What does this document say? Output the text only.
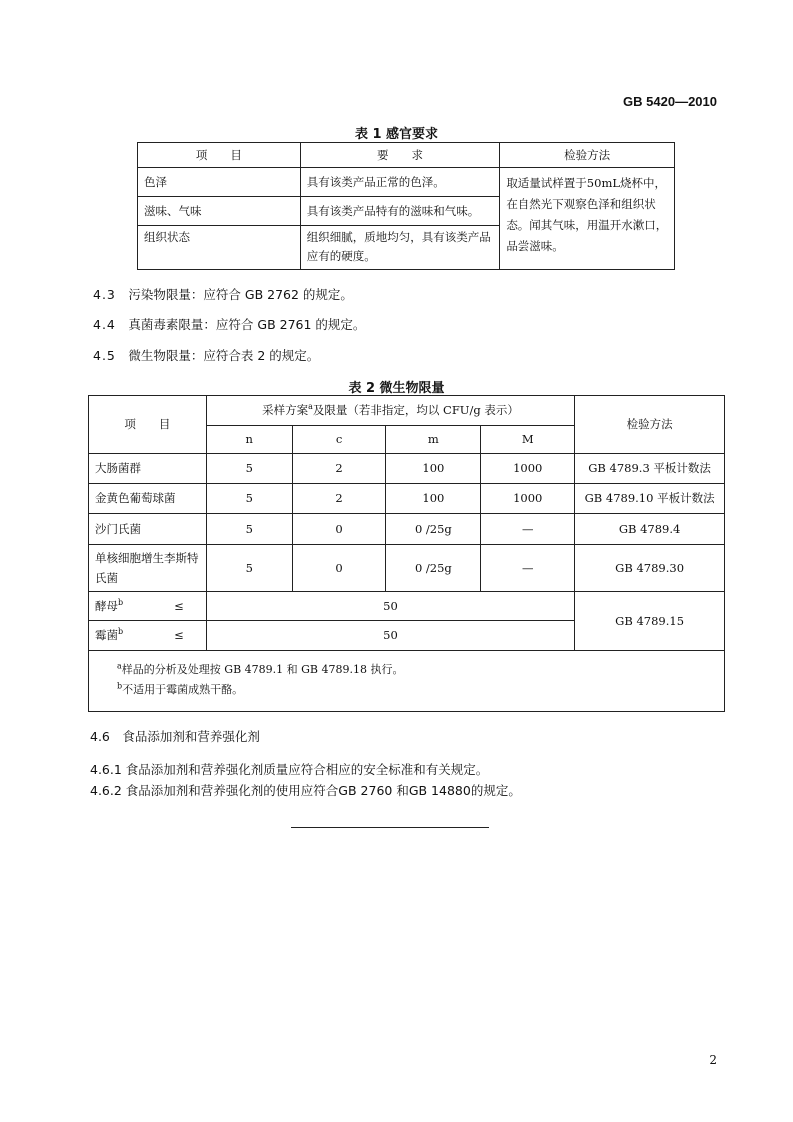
GB 5420—2010
表 1 感官要求
项　　目	要　　求	检验方法
色泽	具有该类产品正常的色泽。	取适量试样置于50mL烧杯中，在自然光下观察色泽和组织状态。闻其气味，用温开水漱口，品尝滋味。
滋味、气味	具有该类产品特有的滋味和气味。	
组织状态	组织细腻，质地均匀，具有该类产品应有的硬度。	
4.3　 污染物限量：应符合 GB 2762 的规定。
4.4　 真菌毒素限量：应符合 GB 2761 的规定。
4.5　 微生物限量：应符合表 2 的规定。
表 2 微生物限量
项　　目	采样方案$^a$及限量（若非指定，均以 CFU/g 表示）				检验方法
	n	c	m	M	
大肠菌群	5	2	100	1000	GB 4789.3 平板计数法
金黄色葡萄球菌	5	2	100	1000	GB 4789.10 平板计数法
沙门氏菌	5	0	0 /25g	—	GB 4789.4
单核细胞增生李斯特氏菌	5	0	0 /25g	—	GB 4789.30
酵母$^b$ ≤	50				GB 4789.15
霉菌$^b$ ≤	50				

$^a$样品的分析及处理按 GB 4789.1 和 GB 4789.18 执行。
$^b$不适用于霉菌成熟干酪。					
4.6　 食品添加剂和营养强化剂
4.6.1 食品添加剂和营养强化剂质量应符合相应的安全标准和有关规定。
4.6.2 食品添加剂和营养强化剂的使用应符合GB 2760 和GB 14880的规定。
2
